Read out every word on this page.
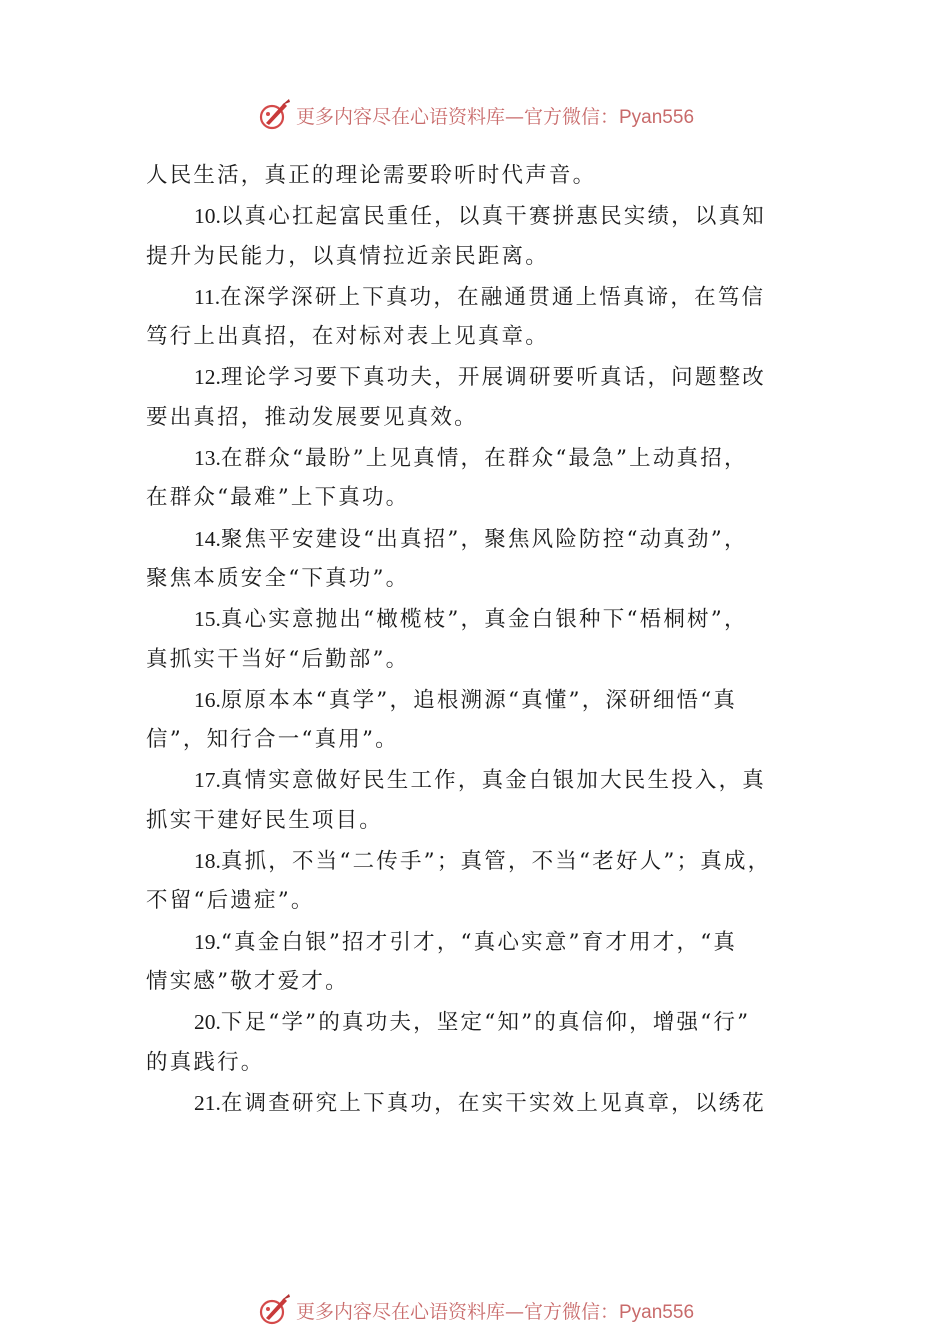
更多内容尽在心语资料库—官方微信：Pyan556
人民生活，真正的理论需要聆听时代声音。
10.以真心扛起富民重任，以真干赛拼惠民实绩，以真知
提升为民能力，以真情拉近亲民距离。
11.在深学深研上下真功，在融通贯通上悟真谛，在笃信
笃行上出真招，在对标对表上见真章。
12.理论学习要下真功夫，开展调研要听真话，问题整改
要出真招，推动发展要见真效。
13.在群众“最盼”上见真情，在群众“最急”上动真招，
在群众“最难”上下真功。
14.聚焦平安建设“出真招”，聚焦风险防控“动真劲”，
聚焦本质安全“下真功”。
15.真心实意抛出“橄榄枝”，真金白银种下“梧桐树”，
真抓实干当好“后勤部”。
16.原原本本“真学”，追根溯源“真懂”，深研细悟“真
信”，知行合一“真用”。
17.真情实意做好民生工作，真金白银加大民生投入，真
抓实干建好民生项目。
18.真抓，不当“二传手”；真管，不当“老好人”；真成，
不留“后遗症”。
19.“真金白银”招才引才，“真心实意”育才用才，“真
情实感”敬才爱才。
20.下足“学”的真功夫，坚定“知”的真信仰，增强“行”
的真践行。
21.在调查研究上下真功，在实干实效上见真章，以绣花
更多内容尽在心语资料库—官方微信：Pyan556
